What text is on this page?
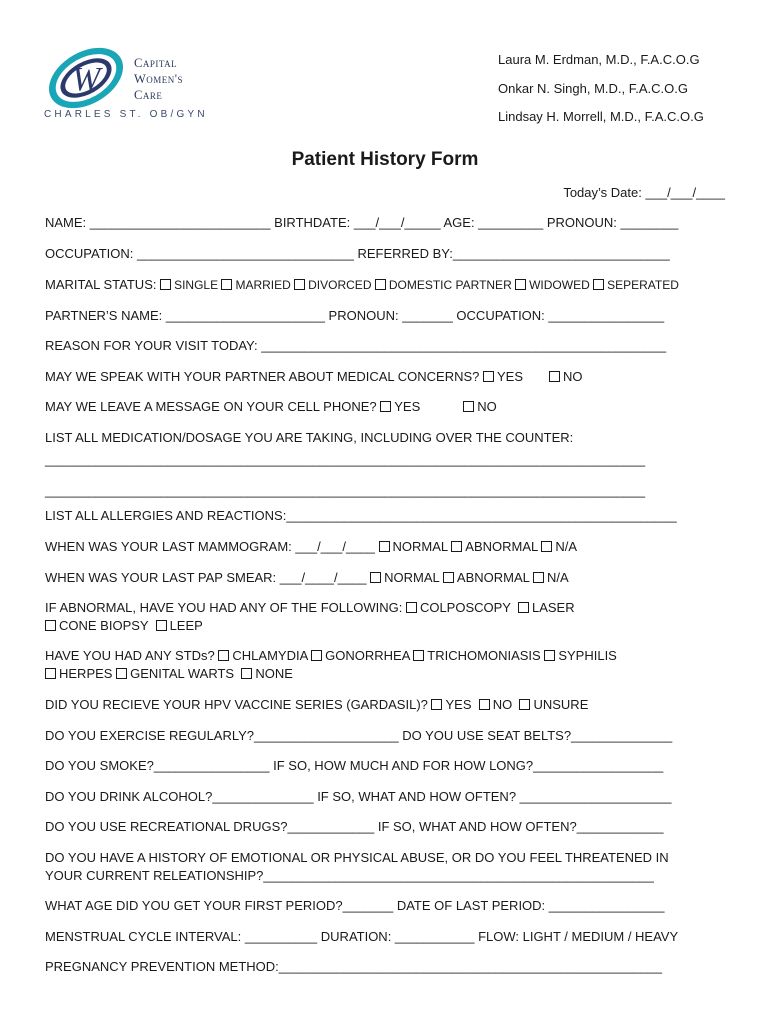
W	Capital
Women's
Care
CHARLES ST. OB/GYN
Laura M. Erdman, M.D., F.A.C.O.G
Onkar N. Singh, M.D., F.A.C.O.G
Lindsay H. Morrell, M.D., F.A.C.O.G
Patient History Form
Today’s Date: ___/___/____
NAME: _________________________ BIRTHDATE: ___/___/_____ AGE: _________ PRONOUN: ________
OCCUPATION: ______________________________ REFERRED BY:______________________________
MARITAL STATUS: SINGLE MARRIED DIVORCED DOMESTIC PARTNER WIDOWED SEPERATED
PARTNER’S NAME: ______________________ PRONOUN: _______ OCCUPATION: ________________
REASON FOR YOUR VISIT TODAY: ________________________________________________________
MAY WE SPEAK WITH YOUR PARTNER ABOUT MEDICAL CONCERNS? YES	NO
MAY WE LEAVE A MESSAGE ON YOUR CELL PHONE? YES	NO
LIST ALL MEDICATION/DOSAGE YOU ARE TAKING, INCLUDING OVER THE COUNTER:
___________________________________________________________________________________
___________________________________________________________________________________
LIST ALL ALLERGIES AND REACTIONS:______________________________________________________
WHEN WAS YOUR LAST MAMMOGRAM: ___/___/____ NORMAL ABNORMAL N/A
WHEN WAS YOUR LAST PAP SMEAR: ___/____/____ NORMAL ABNORMAL N/A
IF ABNORMAL, HAVE YOU HAD ANY OF THE FOLLOWING: COLPOSCOPY LASER
CONE BIOPSY LEEP
HAVE YOU HAD ANY STDs? CHLAMYDIA GONORRHEA TRICHOMONIASIS SYPHILIS
HERPES GENITAL WARTS NONE
DID YOU RECIEVE YOUR HPV VACCINE SERIES (GARDASIL)? YES NO UNSURE
DO YOU EXERCISE REGULARLY?____________________ DO YOU USE SEAT BELTS?______________
DO YOU SMOKE?________________ IF SO, HOW MUCH AND FOR HOW LONG?__________________
DO YOU DRINK ALCOHOL?______________ IF SO, WHAT AND HOW OFTEN? _____________________
DO YOU USE RECREATIONAL DRUGS?____________ IF SO, WHAT AND HOW OFTEN?____________
DO YOU HAVE A HISTORY OF EMOTIONAL OR PHYSICAL ABUSE, OR DO YOU FEEL THREATENED IN
YOUR CURRENT RELEATIONSHIP?______________________________________________________
WHAT AGE DID YOU GET YOUR FIRST PERIOD?_______ DATE OF LAST PERIOD: ________________
MENSTRUAL CYCLE INTERVAL: __________ DURATION: ___________ FLOW: LIGHT / MEDIUM / HEAVY
PREGNANCY PREVENTION METHOD:_____________________________________________________
